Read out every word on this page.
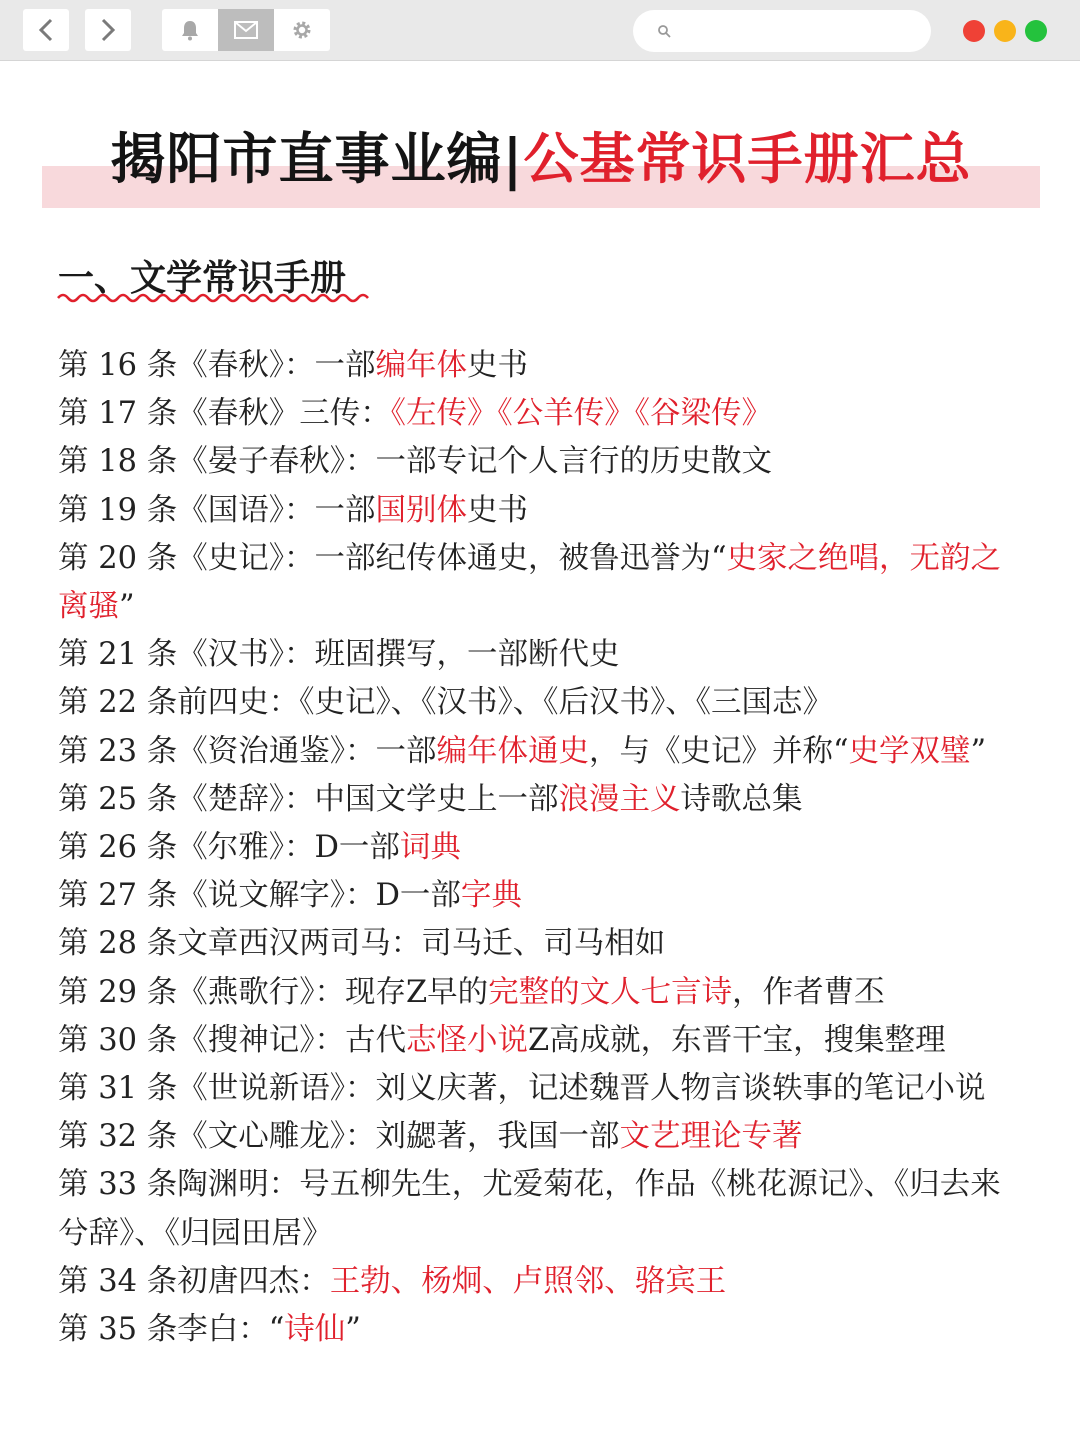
揭阳市直事业编|公基常识手册汇总
一、文学常识手册

第 16 条《春秋》：一部编年体史书

第 17 条《春秋》三传：《左传》《公羊传》《谷梁传》

第 18 条《晏子春秋》：一部专记个人言行的历史散文

第 19 条《国语》：一部国别体史书

第 20 条《史记》：一部纪传体通史，被鲁迅誉为“史家之绝唱，无韵之离骚”

第 21 条《汉书》：班固撰写，一部断代史

第 22 条前四史：《史记》、《汉书》、《后汉书》、《三国志》

第 23 条《资治通鉴》：一部编年体通史，与《史记》并称“史学双璧”

第 25 条《楚辞》：中国文学史上一部浪漫主义诗歌总集

第 26 条《尔雅》：D一部词典

第 27 条《说文解字》：D一部字典

第 28 条文章西汉两司马：司马迁、司马相如

第 29 条《燕歌行》：现存Z早的完整的文人七言诗，作者曹丕

第 30 条《搜神记》：古代志怪小说Z高成就，东晋干宝，搜集整理

第 31 条《世说新语》：刘义庆著，记述魏晋人物言谈轶事的笔记小说

第 32 条《文心雕龙》：刘勰著，我国一部文艺理论专著

第 33 条陶渊明：号五柳先生，尤爱菊花，作品《桃花源记》、《归去来兮辞》、《归园田居》

第 34 条初唐四杰：王勃、杨炯、卢照邻、骆宾王

第 35 条李白：“诗仙”
